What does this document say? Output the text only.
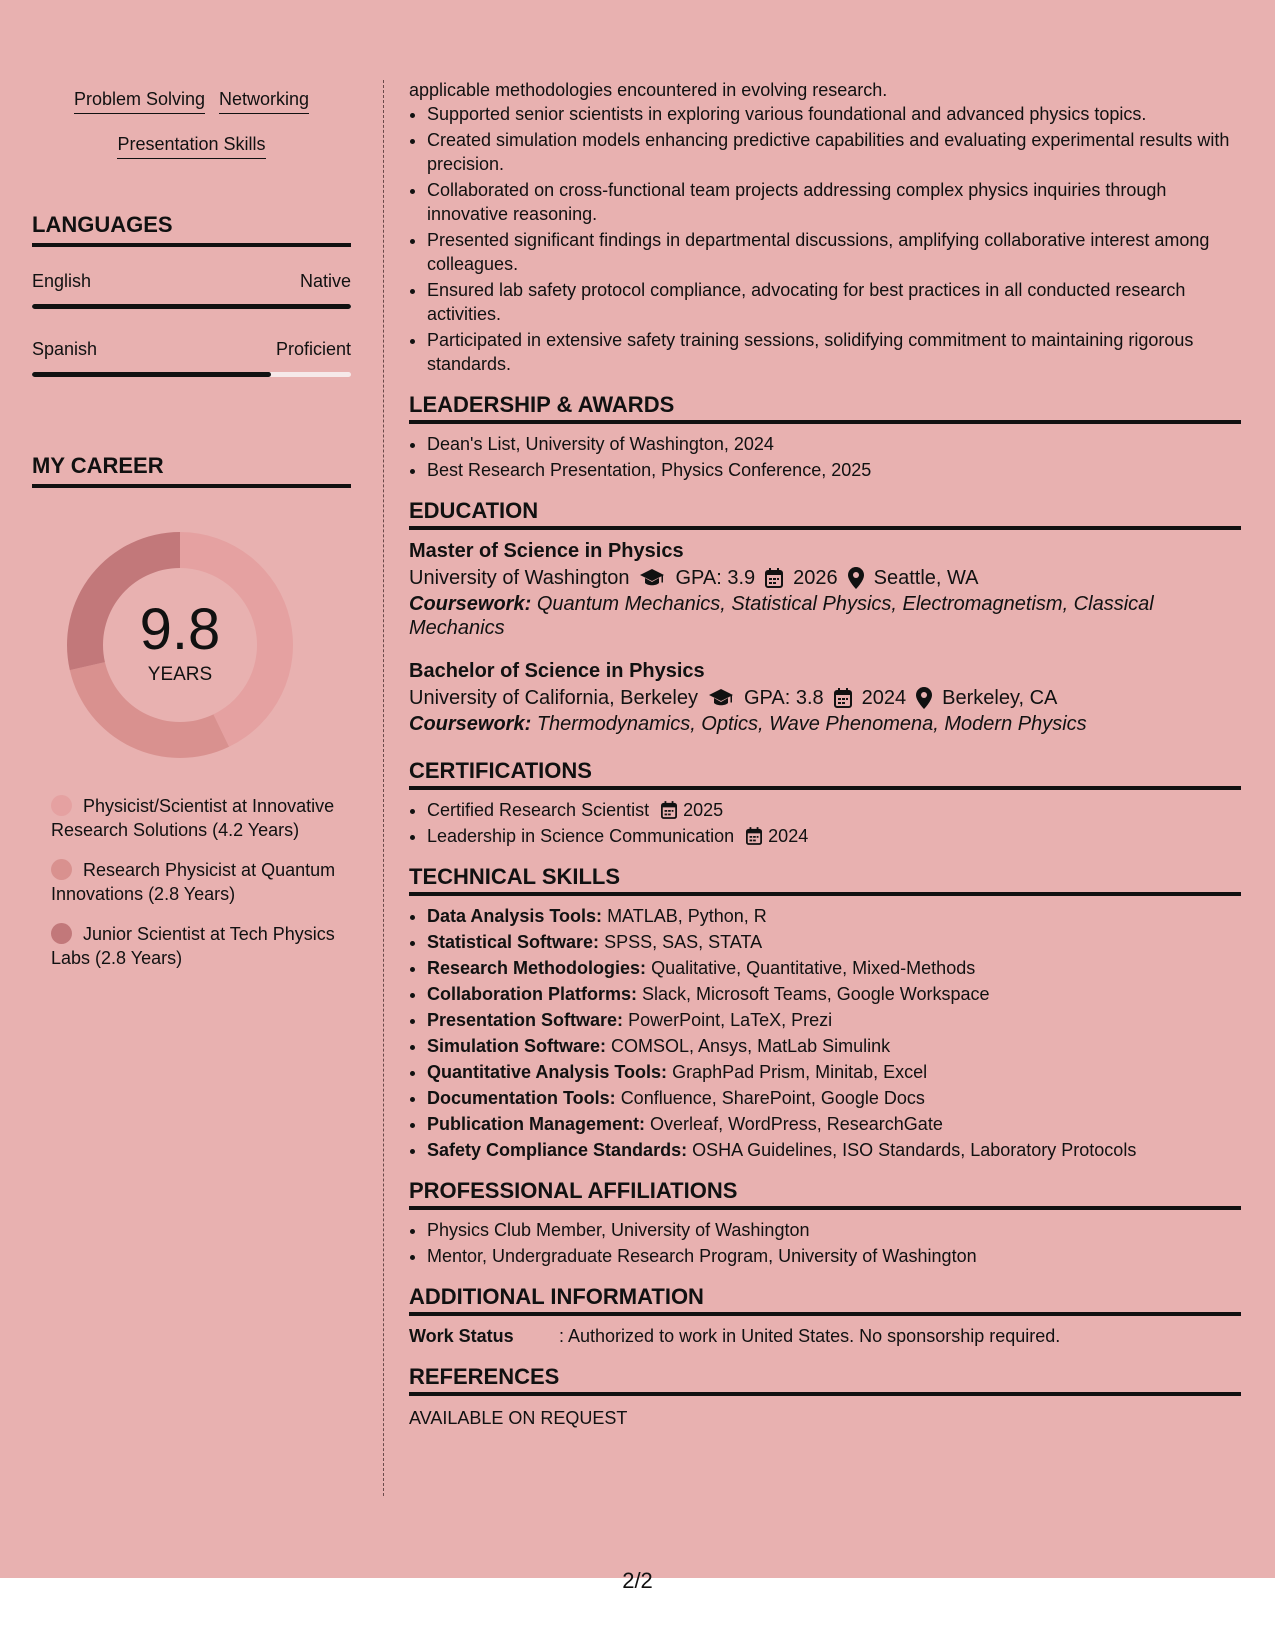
Problem Solving Networking
Presentation Skills
LANGUAGES
English	Native
Spanish	Proficient
MY CAREER
9.8
YEARS
Physicist/Scientist at Innovative Research Solutions (4.2 Years)
Research Physicist at Quantum Innovations (2.8 Years)
Junior Scientist at Tech Physics Labs (2.8 Years)

applicable methodologies encountered in evolving research.

• Supported senior scientists in exploring various foundational and advanced physics topics.
• Created simulation models enhancing predictive capabilities and evaluating experimental results with precision.
• Collaborated on cross-functional team projects addressing complex physics inquiries through innovative reasoning.
• Presented significant findings in departmental discussions, amplifying collaborative interest among colleagues.
• Ensured lab safety protocol compliance, advocating for best practices in all conducted research activities.
• Participated in extensive safety training sessions, solidifying commitment to maintaining rigorous standards.
LEADERSHIP & AWARDS
• Dean's List, University of Washington, 2024
• Best Research Presentation, Physics Conference, 2025
EDUCATION
Master of Science in Physics
University of Washington GPA: 3.9 2026 Seattle, WA
Coursework: Quantum Mechanics, Statistical Physics, Electromagnetism, Classical Mechanics
Bachelor of Science in Physics
University of California, Berkeley GPA: 3.8 2024 Berkeley, CA
Coursework: Thermodynamics, Optics, Wave Phenomena, Modern Physics
CERTIFICATIONS
• Certified Research Scientist 2025
• Leadership in Science Communication 2024
TECHNICAL SKILLS
• Data Analysis Tools: MATLAB, Python, R
• Statistical Software: SPSS, SAS, STATA
• Research Methodologies: Qualitative, Quantitative, Mixed-Methods
• Collaboration Platforms: Slack, Microsoft Teams, Google Workspace
• Presentation Software: PowerPoint, LaTeX, Prezi
• Simulation Software: COMSOL, Ansys, MatLab Simulink
• Quantitative Analysis Tools: GraphPad Prism, Minitab, Excel
• Documentation Tools: Confluence, SharePoint, Google Docs
• Publication Management: Overleaf, WordPress, ResearchGate
• Safety Compliance Standards: OSHA Guidelines, ISO Standards, Laboratory Protocols
PROFESSIONAL AFFILIATIONS
• Physics Club Member, University of Washington
• Mentor, Undergraduate Research Program, University of Washington
ADDITIONAL INFORMATION
Work Status	: Authorized to work in United States. No sponsorship required.
REFERENCES

AVAILABLE ON REQUEST

2/2
